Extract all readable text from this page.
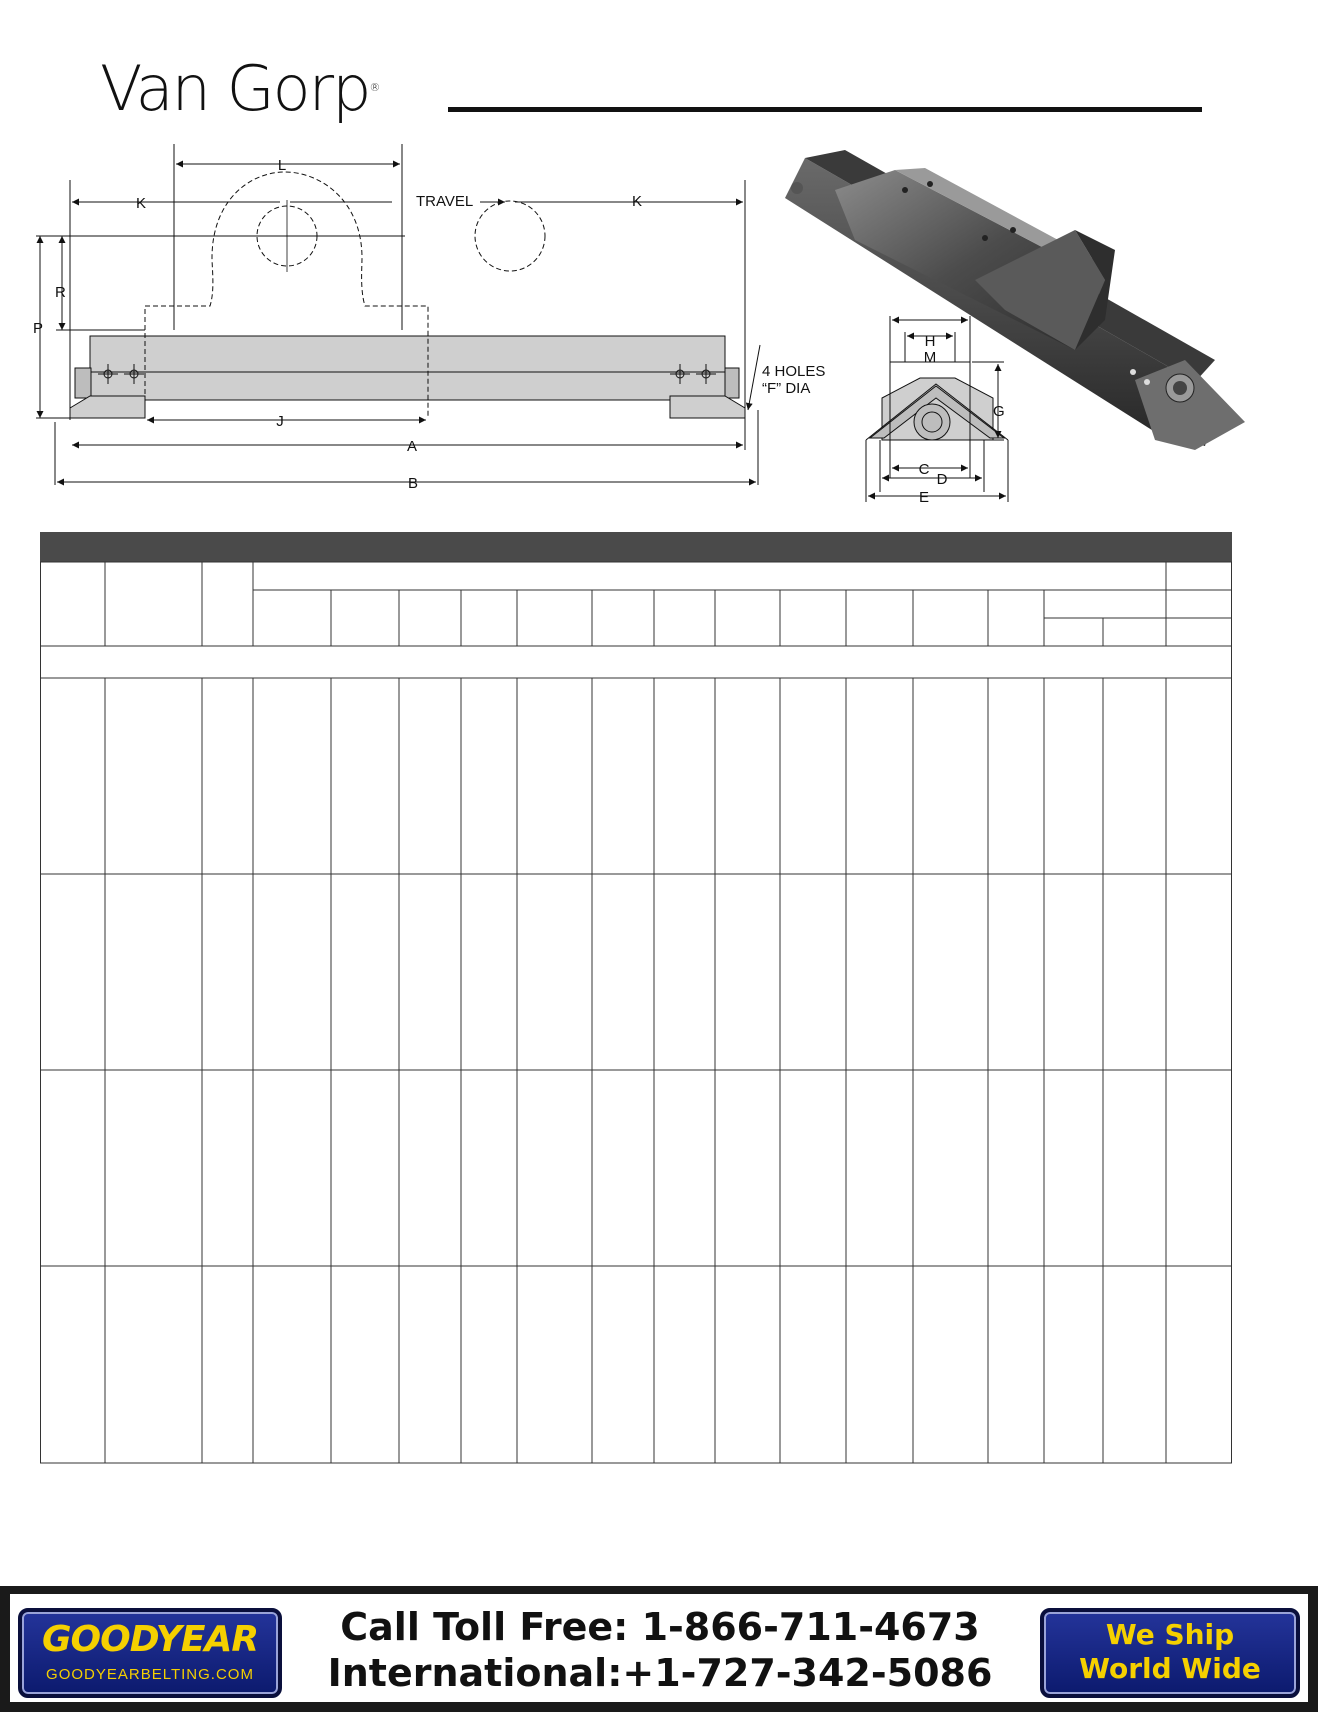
Van Gorp®
L
K	TRAVEL	K
R
P
J
A
B
4 HOLES
“F” DIA
H
M
G
C
D
E
GOODYEAR
GOODYEARBELTING.COM
Call Toll Free: 1-866-711-4673
International:+1-727-342-5086
We Ship
World Wide
